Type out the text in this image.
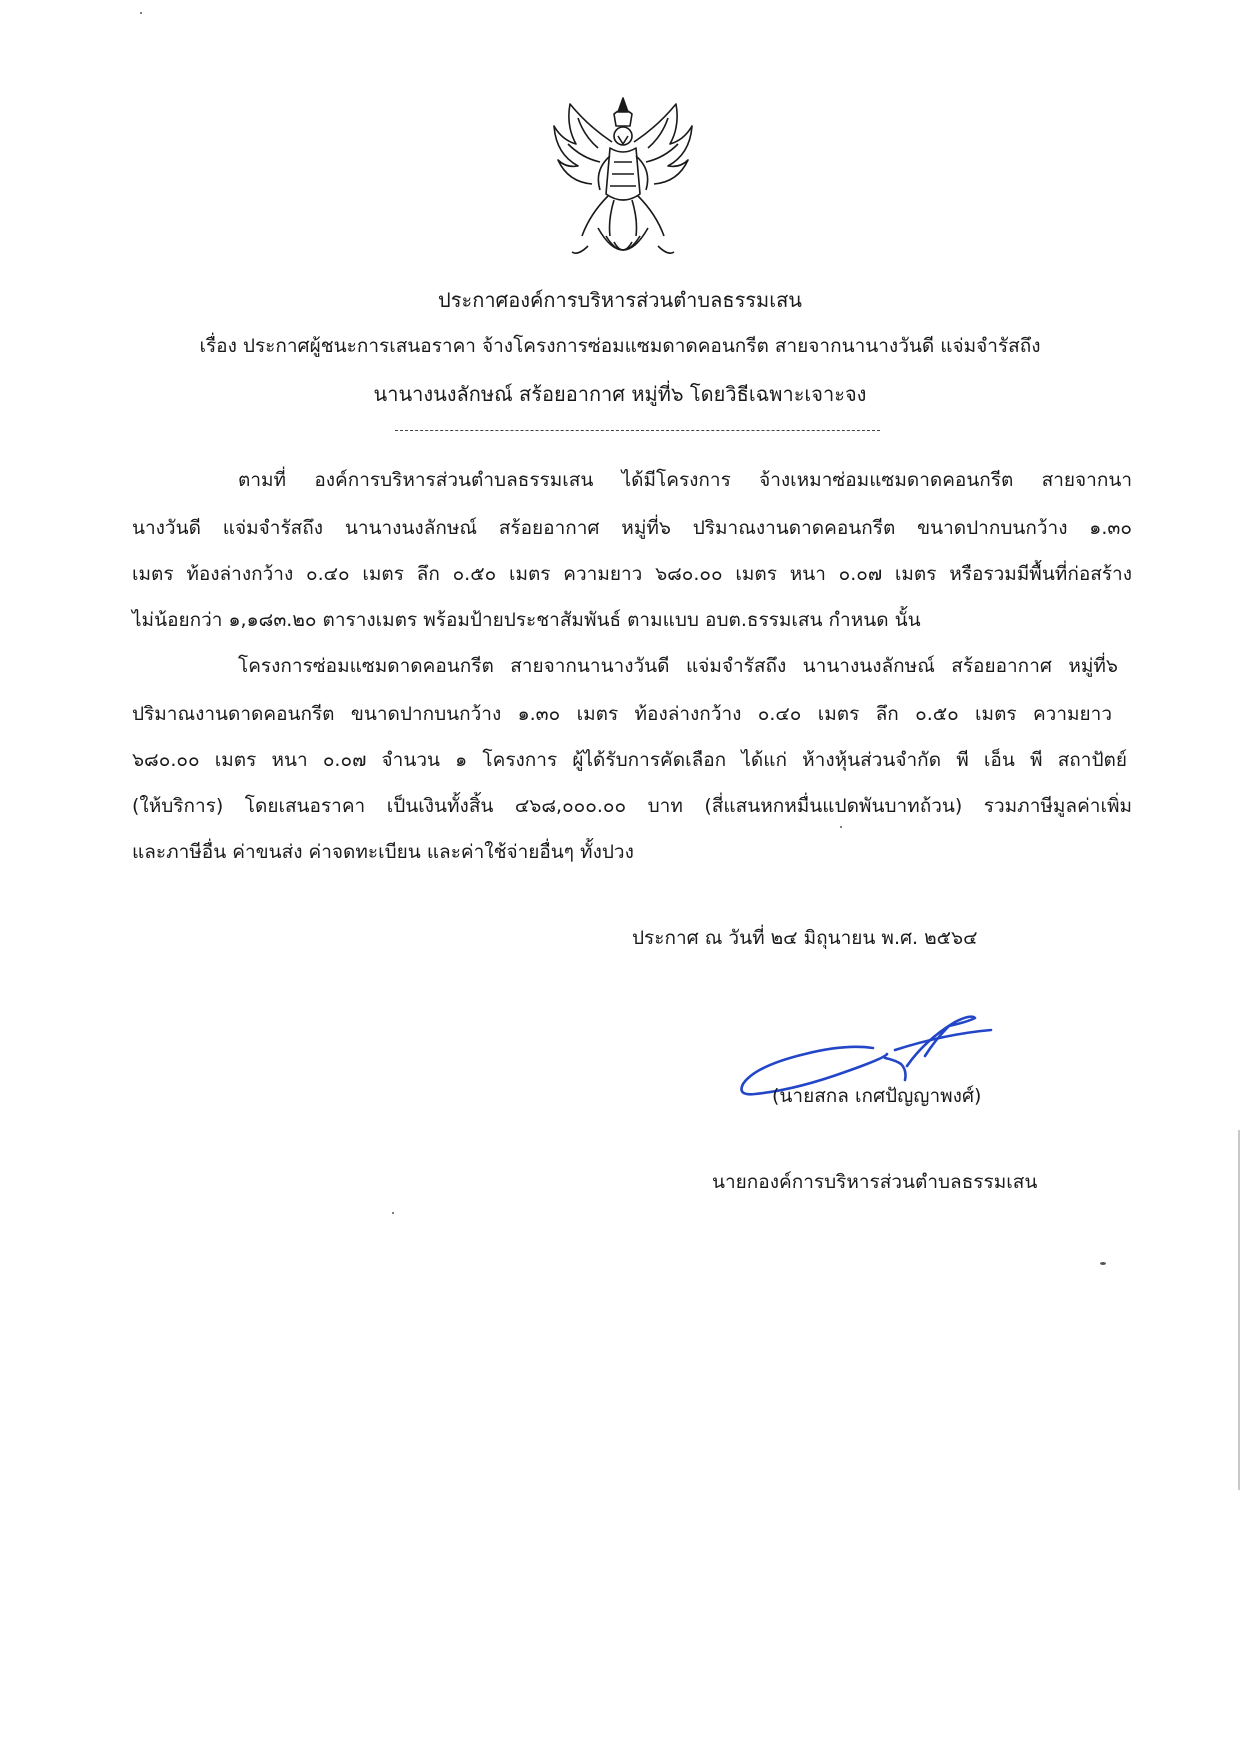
ประกาศองค์การบริหารส่วนตำบลธรรมเสน
เรื่อง ประกาศผู้ชนะการเสนอราคา จ้างโครงการซ่อมแซมดาดคอนกรีต สายจากนานางวันดี แจ่มจำรัสถึง
นานางนงลักษณ์ สร้อยอากาศ หมู่ที่๖ โดยวิธีเฉพาะเจาะจง
ตามที่ องค์การบริหารส่วนตำบลธรรมเสน ได้มีโครงการ จ้างเหมาซ่อมแซมดาดคอนกรีต สายจากนา
นางวันดี แจ่มจำรัสถึง นานางนงลักษณ์ สร้อยอากาศ หมู่ที่๖ ปริมาณงานดาดคอนกรีต ขนาดปากบนกว้าง ๑.๓๐
เมตร ท้องล่างกว้าง ๐.๔๐ เมตร ลึก ๐.๕๐ เมตร ความยาว ๖๘๐.๐๐ เมตร หนา ๐.๐๗ เมตร หรือรวมมีพื้นที่ก่อสร้าง
ไม่น้อยกว่า ๑,๑๘๓.๒๐ ตารางเมตร พร้อมป้ายประชาสัมพันธ์ ตามแบบ อบต.ธรรมเสน กำหนด นั้น
โครงการซ่อมแซมดาดคอนกรีต สายจากนานางวันดี แจ่มจำรัสถึง นานางนงลักษณ์ สร้อยอากาศ หมู่ที่๖
ปริมาณงานดาดคอนกรีต ขนาดปากบนกว้าง ๑.๓๐ เมตร ท้องล่างกว้าง ๐.๔๐ เมตร ลึก ๐.๕๐ เมตร ความยาว
๖๘๐.๐๐ เมตร หนา ๐.๐๗ จำนวน ๑ โครงการ ผู้ได้รับการคัดเลือก ได้แก่ ห้างหุ้นส่วนจำกัด พี เอ็น พี สถาปัตย์
(ให้บริการ) โดยเสนอราคา เป็นเงินทั้งสิ้น ๔๖๘,๐๐๐.๐๐ บาท (สี่แสนหกหมื่นแปดพันบาทถ้วน) รวมภาษีมูลค่าเพิ่ม
และภาษีอื่น ค่าขนส่ง ค่าจดทะเบียน และค่าใช้จ่ายอื่นๆ ทั้งปวง
ประกาศ ณ วันที่ ๒๔ มิถุนายน พ.ศ. ๒๕๖๔
(นายสกล เกศปัญญาพงศ์)
นายกองค์การบริหารส่วนตำบลธรรมเสน
